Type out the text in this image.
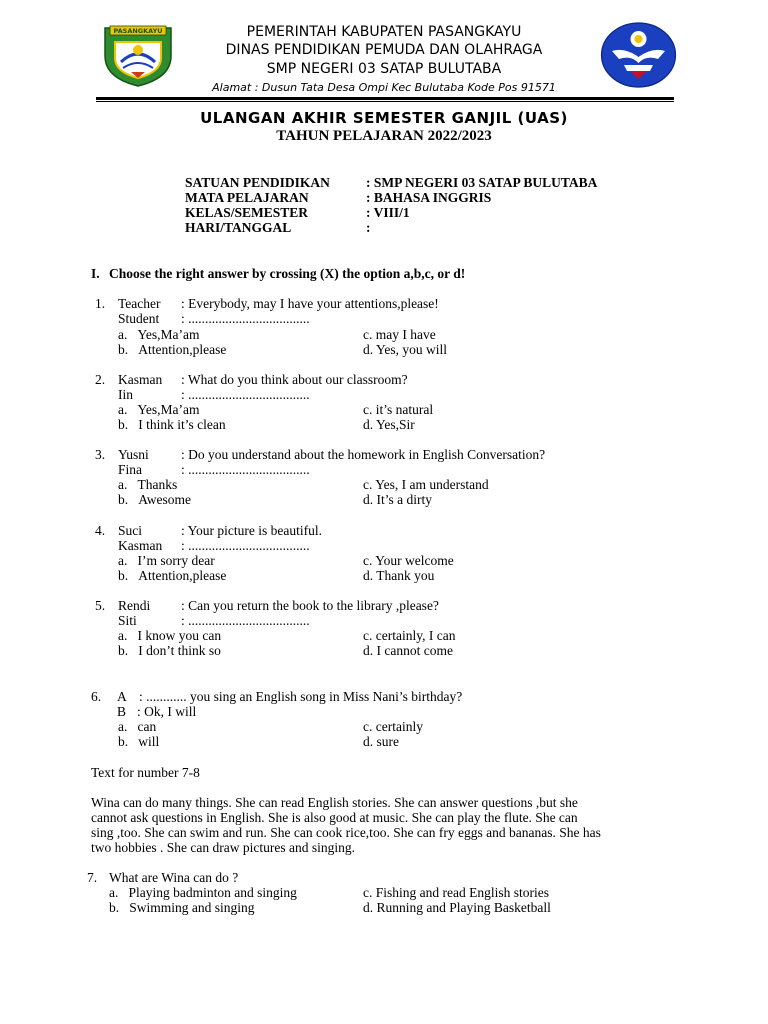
PASANGKAYU	PEMERINTAH KABUPATEN PASANGKAYU
DINAS PENDIDIKAN PEMUDA DAN OLAHRAGA
SMP NEGERI 03 SATAP BULUTABA
Alamat : Dusun Tata Desa Ompi Kec Bulutaba Kode Pos 91571
ULANGAN AKHIR SEMESTER GANJIL (UAS)
TAHUN PELAJARAN 2022/2023
SATUAN PENDIDIKAN	: SMP NEGERI 03 SATAP BULUTABA
MATA PELAJARAN	: BAHASA INGGRIS
KELAS/SEMESTER	: VIII/1
HARI/TANGGAL	:
I. Choose the right answer by crossing (X) the option a,b,c, or d!
1. Teacher : Everybody, may I have your attentions,please!
Student : ....................................
a.   Yes,Ma’am	c. may I have
b.   Attention,please	d. Yes, you will
2. Kasman : What do you think about our classroom?
Iin	: ....................................
a.   Yes,Ma’am	c. it’s natural
b.   I think it’s clean	d. Yes,Sir
3. Yusni : Do you understand about the homework in English Conversation?
Fina	: ....................................
a.   Thanks	c. Yes, I am understand
b.   Awesome	d. It’s a dirty
4. Suci	: Your picture is beautiful.
Kasman : ....................................
a.   I’m sorry dear	c. Your welcome
b.   Attention,please	d. Thank you
5. Rendi : Can you return the book to the library ,please?
Siti	: ....................................
a.   I know you can	c. certainly, I can
b.   I don’t think so	d. I cannot come
6. A : ............ you sing an English song in Miss Nani’s birthday?
B : Ok, I will
a.   can	c. certainly
b.   will	d. sure
Text for number 7-8
Wina can do many things. She can read English stories. She can answer questions ,but she
cannot ask questions in English. She is also good at music. She can play the flute. She can
sing ,too. She can swim and run. She can cook rice,too. She can fry eggs and bananas. She has
two hobbies . She can draw pictures and singing.
7. What are Wina can do ?
a.   Playing badminton and singing	c. Fishing and read English stories
b.   Swimming and singing	d. Running and Playing Basketball
